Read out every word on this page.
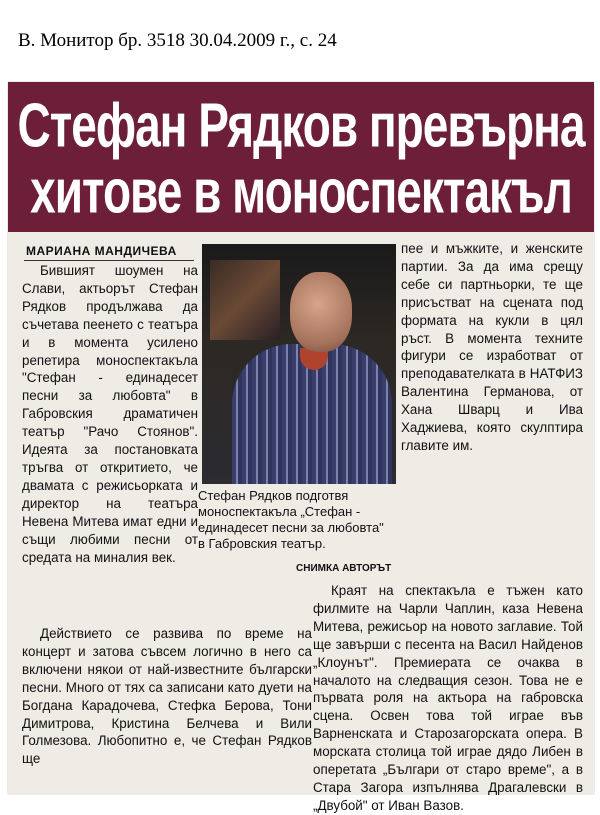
В. Монитор бр. 3518 30.04.2009 г., с. 24
Стефан Рядков превърна
хитове в моноспектакъл
МАРИАНА МАНДИЧЕВА

Бившият шоумен на Слави, актьорът Стефан Рядков продължава да съчетава пеенето с театъра и в момента усилено репетира моноспектакъла "Стефан - единадесет песни за любовта" в Габровския драматичен театър "Рачо Стоянов". Идеята за постановката тръгва от откритието, че двамата с режисьорката и директор на театъра Невена Митева имат едни и същи любими песни от средата на миналия век.

Действието се развива по време на концерт и затова съвсем логично в него са включени някои от най-известните български песни. Много от тях са записани като дуети на Богдана Карадочева, Стефка Берова, Тони Димитрова, Кристина Белчева и Вили Голмезова. Любопитно е, че Стефан Рядков ще

Стефан Рядков подготвя моноспектакъла „Стефан - единадесет песни за любовта" в Габровския театър.
СНИМКА АВТОРЪТ

пее и мъжките, и женските партии. За да има срещу себе си партньорки, те ще присъстват на сцената под формата на кукли в цял ръст. В момента техните фигури се изработват от преподавателката в НАТФИЗ Валентина Германова, от Хана Шварц и Ива Хаджиева, която скулптира главите им.

Краят на спектакъла е тъжен като филмите на Чарли Чаплин, каза Невена Митева, режисьор на новото заглавие. Той ще завърши с песента на Васил Найденов „Клоунът". Премиерата се очаква в началото на следващия сезон. Това не е първата роля на актьора на габровска сцена. Освен това той играе във Варненската и Старозагорската опера. В морската столица той играе дядо Либен в оперетата „Българи от старо време", а в Стара Загора изпълнява Драгалевски в „Двубой" от Иван Вазов.
